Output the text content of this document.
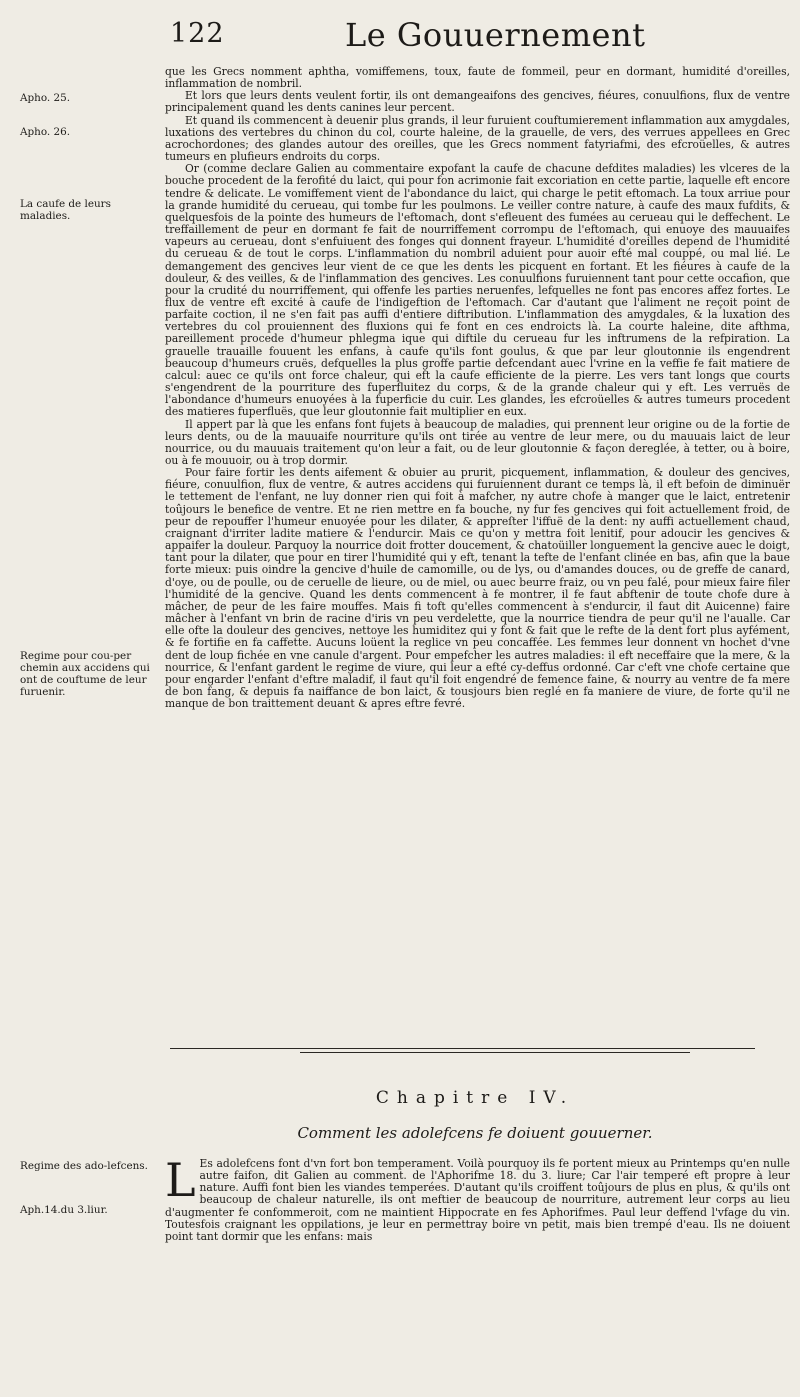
122	Le Gouuernement
Apho. 25.
Apho. 26.
La caufe de leurs maladies.
Regime pour cou-per chemin aux accidens qui ont de couftume de leur furuenir.
Regime des ado-lefcens.
Aph.14.du 3.liur.

que les Grecs nomment aphtha, vomiffemens, toux, faute de fommeil, peur en dormant, humidité d'oreilles, inflammation de nombril.

Et lors que leurs dents veulent fortir, ils ont demangeaifons des gencives, fiéures, conuulfions, flux de ventre principalement quand les dents canines leur percent.

Et quand ils commencent à deuenir plus grands, il leur furuient couftumierement inflammation aux amygdales, luxations des vertebres du chinon du col, courte haleine, de la grauelle, de vers, des verrues appellees en Grec acrochordones; des glandes autour des oreilles, que les Grecs nomment fatyriafmi, des efcroüelles, & autres tumeurs en plufieurs endroits du corps.

Or (comme declare Galien au commentaire expofant la caufe de chacune defdites maladies) les vlceres de la bouche procedent de la ferofité du laict, qui pour fon acrimonie fait excoriation en cette partie, laquelle eft encore tendre & delicate. Le vomiffement vient de l'abondance du laict, qui charge le petit eftomach. La toux arriue pour la grande humidité du cerueau, qui tombe fur les poulmons. Le veiller contre nature, à caufe des maux fufdits, & quelquesfois de la pointe des humeurs de l'eftomach, dont s'efleuent des fumées au cerueau qui le deffechent. Le treffaillement de peur en dormant fe fait de nourriffement corrompu de l'eftomach, qui enuoye des mauuaifes vapeurs au cerueau, dont s'enfuiuent des fonges qui donnent frayeur. L'humidité d'oreilles depend de l'humidité du cerueau & de tout le corps. L'inflammation du nombril aduient pour auoir efté mal couppé, ou mal lié. Le demangement des gencives leur vient de ce que les dents les picquent en fortant. Et les fiéures à caufe de la douleur, & des veilles, & de l'inflammation des gencives. Les conuulfions furuiennent tant pour cette occafion, que pour la crudité du nourriffement, qui offenfe les parties neruenfes, lefquelles ne font pas encores affez fortes. Le flux de ventre eft excité à caufe de l'indigeftion de l'eftomach. Car d'autant que l'aliment ne reçoit point de parfaite coction, il ne s'en fait pas auffi d'entiere diftribution. L'inflammation des amygdales, & la luxation des vertebres du col prouiennent des fluxions qui fe font en ces endroicts là. La courte haleine, dite afthma, pareillement procede d'humeur phlegma ique qui diftile du cerueau fur les inftrumens de la refpiration. La grauelle trauaille fouuent les enfans, à caufe qu'ils font goulus, & que par leur gloutonnie ils engendrent beaucoup d'humeurs cruës, defquelles la plus groffe partie defcendant auec l'vrine en la veffie fe fait matiere de calcul: auec ce qu'ils ont force chaleur, qui eft la caufe efficiente de la pierre. Les vers tant longs que courts s'engendrent de la pourriture des fuperfluitez du corps, & de la grande chaleur qui y eft. Les verruës de l'abondance d'humeurs enuoyées à la fuperficie du cuir. Les glandes, les efcroüelles & autres tumeurs procedent des matieres fuperfluës, que leur gloutonnie fait multiplier en eux.

Il appert par là que les enfans font fujets à beaucoup de maladies, qui prennent leur origine ou de la fortie de leurs dents, ou de la mauuaife nourriture qu'ils ont tirée au ventre de leur mere, ou du mauuais laict de leur nourrice, ou du mauuais traitement qu'on leur a fait, ou de leur gloutonnie & façon dereglée, à tetter, ou à boire, ou à fe mouuoir, ou à trop dormir.

Pour faire fortir les dents aifement & obuier au prurit, picquement, inflammation, & douleur des gencives, fiéure, conuulfion, flux de ventre, & autres accidens qui furuiennent durant ce temps là, il eft befoin de diminuër le tettement de l'enfant, ne luy donner rien qui foit à mafcher, ny autre chofe à manger que le laict, entretenir toûjours le benefice de ventre. Et ne rien mettre en fa bouche, ny fur fes gencives qui foit actuellement froid, de peur de repouffer l'humeur enuoyée pour les dilater, & appreſter l'iffuë de la dent: ny auffi actuellement chaud, craignant d'irriter ladite matiere & l'endurcir. Mais ce qu'on y mettra foit lenitif, pour adoucir les gencives & appaifer la douleur. Parquoy la nourrice doit frotter doucement, & chatoüiller longuement la gencive auec le doigt, tant pour la dilater, que pour en tirer l'humidité qui y eft, tenant la tefte de l'enfant clinée en bas, afin que la baue forte mieux: puis oindre la gencive d'huile de camomille, ou de lys, ou d'amandes douces, ou de greffe de canard, d'oye, ou de poulle, ou de ceruelle de lieure, ou de miel, ou auec beurre fraiz, ou vn peu falé, pour mieux faire filer l'humidité de la gencive. Quand les dents commencent à fe montrer, il fe faut abftenir de toute chofe dure à mâcher, de peur de les faire mouffes. Mais fi toft qu'elles commencent à s'endurcir, il faut dit Auicenne) faire mâcher à l'enfant vn brin de racine d'iris vn peu verdelette, que la nourrice tiendra de peur qu'il ne l'aualle. Car elle ofte la douleur des gencives, nettoye les humiditez qui y font & fait que le refte de la dent fort plus ayfément, & fe fortifie en fa caffette. Aucuns loüent la reglice vn peu concaffée. Les femmes leur donnent vn hochet d'vne dent de loup fichée en vne canule d'argent. Pour empefcher les autres maladies: il eft neceffaire que la mere, & la nourrice, & l'enfant gardent le regime de viure, qui leur a efté cy-deffus ordonné. Car c'eft vne chofe certaine que pour engarder l'enfant d'eftre maladif, il faut qu'il foit engendré de femence faine, & nourry au ventre de fa mere de bon fang, & depuis fa naiffance de bon laict, & tousjours bien reglé en fa maniere de viure, de forte qu'il ne manque de bon traittement deuant & apres eftre fevré.

Chapitre IV.
Comment les adolefcens fe doiuent gouuerner.

L Es adolefcens font d'vn fort bon temperament. Voilà pourquoy ils fe portent mieux au Printemps qu'en nulle autre faifon, dit Galien au comment. de l'Aphorifme 18. du 3. liure; Car l'air temperé eft propre à leur nature. Auffi font bien les viandes temperées. D'autant qu'ils croiffent toûjours de plus en plus, & qu'ils ont beaucoup de chaleur naturelle, ils ont meftier de beaucoup de nourriture, autrement leur corps au lieu d'augmenter fe confommeroit, com ne maintient Hippocrate en fes Aphorifmes. Paul leur deffend l'vfage du vin. Toutesfois craignant les oppilations, je leur en permettray boire vn petit, mais bien trempé d'eau. Ils ne doiuent point tant dormir que les enfans: mais
